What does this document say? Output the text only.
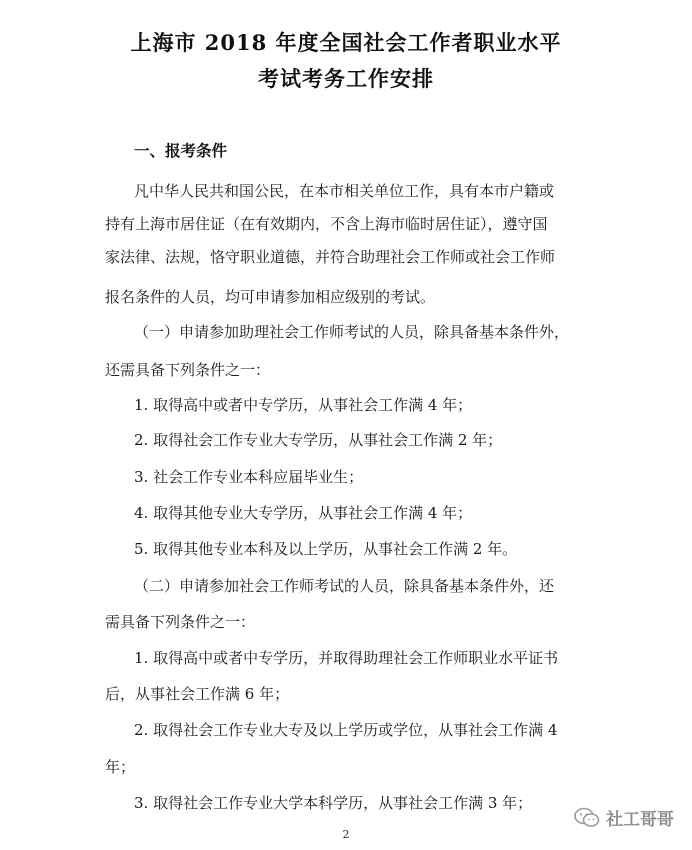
上海市 2018 年度全国社会工作者职业水平
考试考务工作安排
一、报考条件
凡中华人民共和国公民，在本市相关单位工作，具有本市户籍或
持有上海市居住证（在有效期内，不含上海市临时居住证），遵守国
家法律、法规，恪守职业道德，并符合助理社会工作师或社会工作师
报名条件的人员，均可申请参加相应级别的考试。
（一）申请参加助理社会工作师考试的人员，除具备基本条件外，
还需具备下列条件之一：
1. 取得高中或者中专学历，从事社会工作满 4 年；
2. 取得社会工作专业大专学历，从事社会工作满 2 年；
3. 社会工作专业本科应届毕业生；
4. 取得其他专业大专学历，从事社会工作满 4 年；
5. 取得其他专业本科及以上学历，从事社会工作满 2 年。
（二）申请参加社会工作师考试的人员，除具备基本条件外，还
需具备下列条件之一：
1. 取得高中或者中专学历，并取得助理社会工作师职业水平证书
后，从事社会工作满 6 年；
2. 取得社会工作专业大专及以上学历或学位，从事社会工作满 4
年；
3. 取得社会工作专业大学本科学历，从事社会工作满 3 年；
2
社工哥哥
